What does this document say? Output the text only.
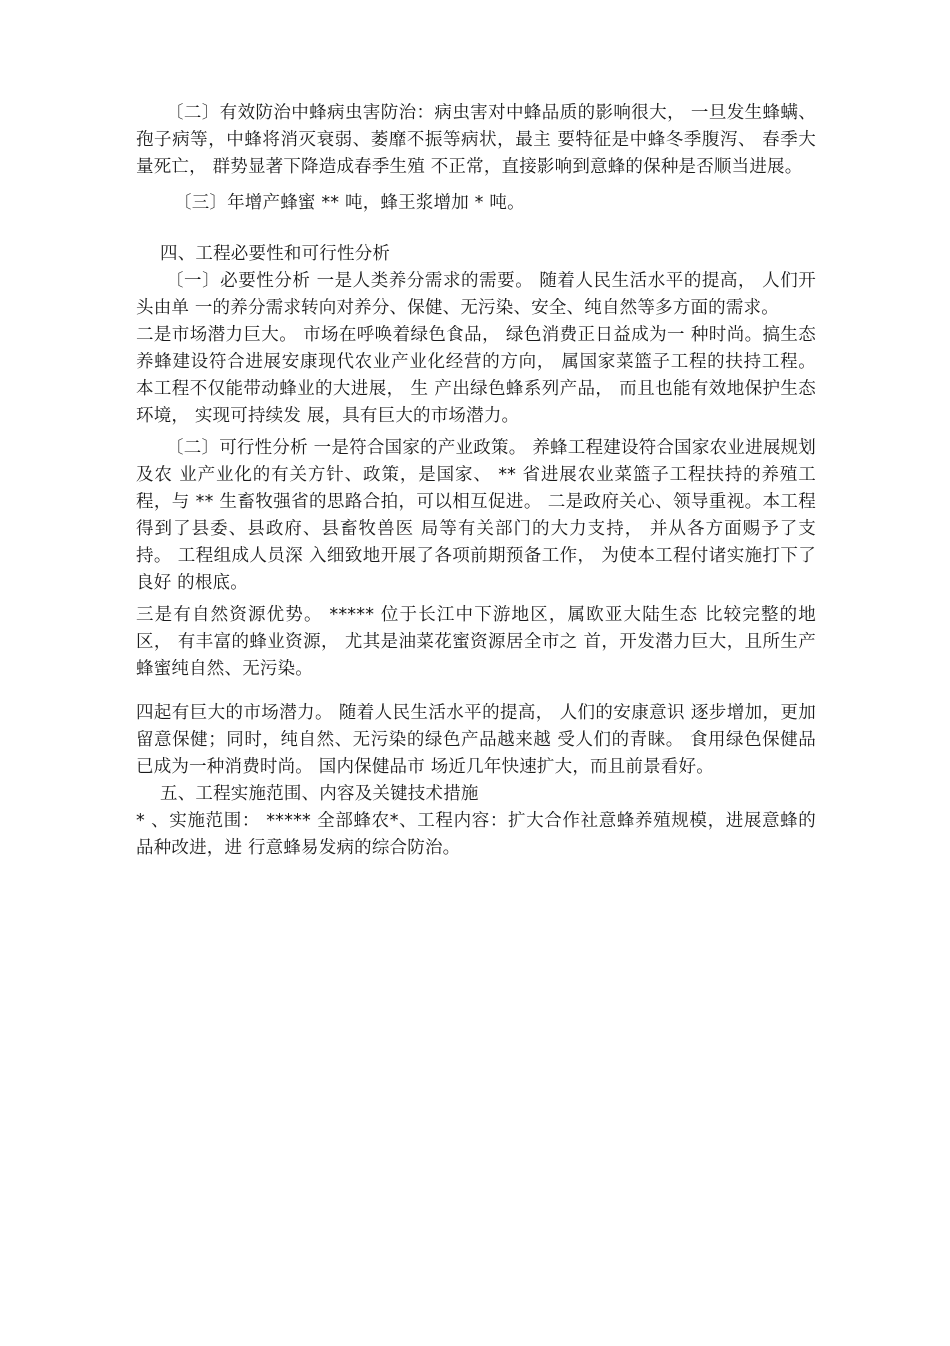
〔二〕有效防治中蜂病虫害防治：病虫害对中蜂品质的影响很大， 一旦发生蜂螨、孢子病等，中蜂将消灭衰弱、萎靡不振等病状，最主 要特征是中蜂冬季腹泻、 春季大量死亡， 群势显著下降造成春季生殖 不正常，直接影响到意蜂的保种是否顺当进展。

〔三〕年增产蜂蜜 ** 吨，蜂王浆增加 * 吨。

四、工程必要性和可行性分析

〔一〕必要性分析 一是人类养分需求的需要。 随着人民生活水平的提高， 人们开头由单 一的养分需求转向对养分、保健、无污染、安全、纯自然等多方面的需求。

二是市场潜力巨大。 市场在呼唤着绿色食品， 绿色消费正日益成为一 种时尚。搞生态养蜂建设符合进展安康现代农业产业化经营的方向， 属国家菜篮子工程的扶持工程。 本工程不仅能带动蜂业的大进展， 生 产出绿色蜂系列产品， 而且也能有效地保护生态环境， 实现可持续发 展，具有巨大的市场潜力。

〔二〕可行性分析 一是符合国家的产业政策。 养蜂工程建设符合国家农业进展规划及农 业产业化的有关方针、政策，是国家、 ** 省进展农业菜篮子工程扶持的养殖工程，与 ** 生畜牧强省的思路合拍，可以相互促进。 二是政府关心、领导重视。本工程得到了县委、县政府、县畜牧兽医 局等有关部门的大力支持， 并从各方面赐予了支持。 工程组成人员深 入细致地开展了各项前期预备工作， 为使本工程付诸实施打下了良好 的根底。

三是有自然资源优势。 ***** 位于长江中下游地区，属欧亚大陆生态 比较完整的地区， 有丰富的蜂业资源， 尤其是油菜花蜜资源居全市之 首，开发潜力巨大，且所生产蜂蜜纯自然、无污染。

四起有巨大的市场潜力。 随着人民生活水平的提高， 人们的安康意识 逐步增加，更加留意保健；同时，纯自然、无污染的绿色产品越来越 受人们的青睐。 食用绿色保健品已成为一种消费时尚。 国内保健品市 场近几年快速扩大，而且前景看好。

五、工程实施范围、内容及关键技术措施

* 、实施范围： ***** 全部蜂农*、工程内容：扩大合作社意蜂养殖规模，进展意蜂的品种改进，进 行意蜂易发病的综合防治。
